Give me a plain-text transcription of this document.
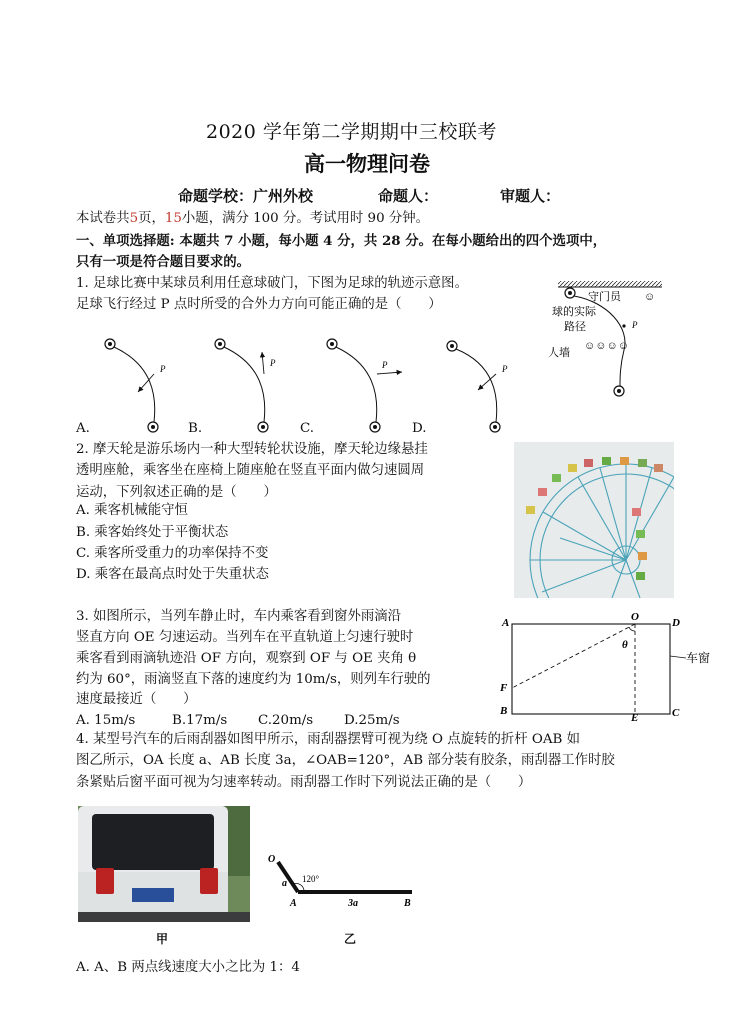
2020 学年第二学期期中三校联考
高一物理问卷
命题学校：广州外校	命题人：	审题人：
本试卷共5页，15小题，满分 100 分。考试用时 90 分钟。
一、单项选择题: 本题共 7 小题，每小题 4 分，共 28 分。在每小题给出的四个选项中，
只有一项是符合题目要求的。
1. 足球比赛中某球员利用任意球破门，下图为足球的轨迹示意图。
足球飞行经过 P 点时所受的合外力方向可能正确的是（　　）
P
P	P	P
A.	B.	C.	D.
P
守门员 ☺
球的实际
路径
☺☺☺☺
人墙
2. 摩天轮是游乐场内一种大型转轮状设施，摩天轮边缘悬挂
透明座舱，乘客坐在座椅上随座舱在竖直平面内做匀速圆周
运动，下列叙述正确的是（　　）
A. 乘客机械能守恒
B. 乘客始终处于平衡状态
C. 乘客所受重力的功率保持不变
D. 乘客在最高点时处于失重状态
3. 如图所示，当列车静止时，车内乘客看到窗外雨滴沿
竖直方向 OE 匀速运动。当列车在平直轨道上匀速行驶时
乘客看到雨滴轨迹沿 OF 方向，观察到 OF 与 OE 夹角 θ
约为 60°，雨滴竖直下落的速度约为 10m/s，则列车行驶的
速度最接近（　　）
A. 15m/s	B.17m/s C.20m/s D.25m/s
A	O	D
θ
F
B
E	C
车窗
4. 某型号汽车的后雨刮器如图甲所示，雨刮器摆臂可视为绕 O 点旋转的折杆 OAB 如
图乙所示，OA 长度 a、AB 长度 3a，∠OAB=120°，AB 部分装有胶条，雨刮器工作时胶
条紧贴后窗平面可视为匀速率转动。雨刮器工作时下列说法正确的是（　　）
甲
O
a 120°
A	3a	B
乙
A. A、B 两点线速度大小之比为 1：4
